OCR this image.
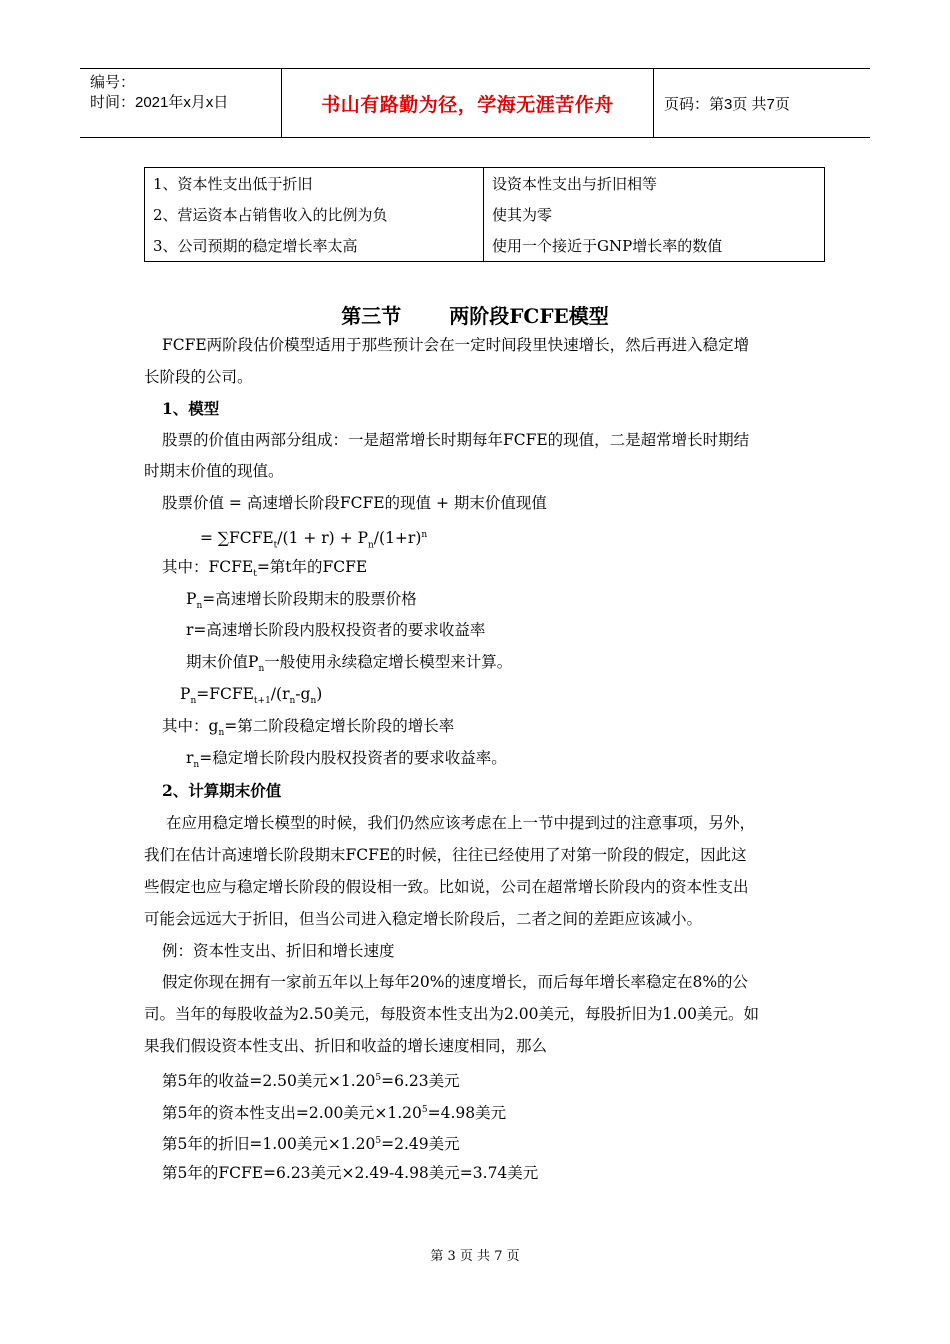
编号：
时间：2021年x月x日	书山有路勤为径，学海无涯苦作舟	页码：第3页 共7页
1、资本性支出低于折旧	设资本性支出与折旧相等
2、营运资本占销售收入的比例为负	使其为零
3、公司预期的稳定增长率太高	使用一个接近于GNP增长率的数值
第三节 两阶段FCFE模型
FCFE两阶段估价模型适用于那些预计会在一定时间段里快速增长，然后再进入稳定增
长阶段的公司。
1、模型
股票的价值由两部分组成：一是超常增长时期每年FCFE的现值，二是超常增长时期结
时期末价值的现值。
股票价值 = 高速增长阶段FCFE的现值 + 期末价值现值
= $\sum FCFE_t/(1 + r) + P_n/(1+r)^n$
其中：$FCFE_t=$第t年的FCFE
$P_n=$高速增长阶段期末的股票价格
r=高速增长阶段内股权投资者的要求收益率
期末价值$P_n$一般使用永续稳定增长模型来计算。
$P_n=FCFE_{t+1}/(r_n-g_n)$
其中：$g_n=$第二阶段稳定增长阶段的增长率
$r_n=$稳定增长阶段内股权投资者的要求收益率。
2、计算期末价值
在应用稳定增长模型的时候，我们仍然应该考虑在上一节中提到过的注意事项，另外，
我们在估计高速增长阶段期末FCFE的时候，往往已经使用了对第一阶段的假定，因此这
些假定也应与稳定增长阶段的假设相一致。比如说，公司在超常增长阶段内的资本性支出
可能会远远大于折旧，但当公司进入稳定增长阶段后，二者之间的差距应该减小。
例：资本性支出、折旧和增长速度
假定你现在拥有一家前五年以上每年20%的速度增长，而后每年增长率稳定在8%的公
司。当年的每股收益为2.50美元，每股资本性支出为2.00美元，每股折旧为1.00美元。如
果我们假设资本性支出、折旧和收益的增长速度相同，那么
第5年的收益=2.50美元$\times 1.20^5=6.23$美元
第5年的资本性支出=2.00美元$\times 1.20^5=4.98$美元
第5年的折旧=1.00美元$\times 1.20^5=2.49$美元
第5年的FCFE=6.23美元×2.49-4.98美元=3.74美元
第 3 页 共 7 页
